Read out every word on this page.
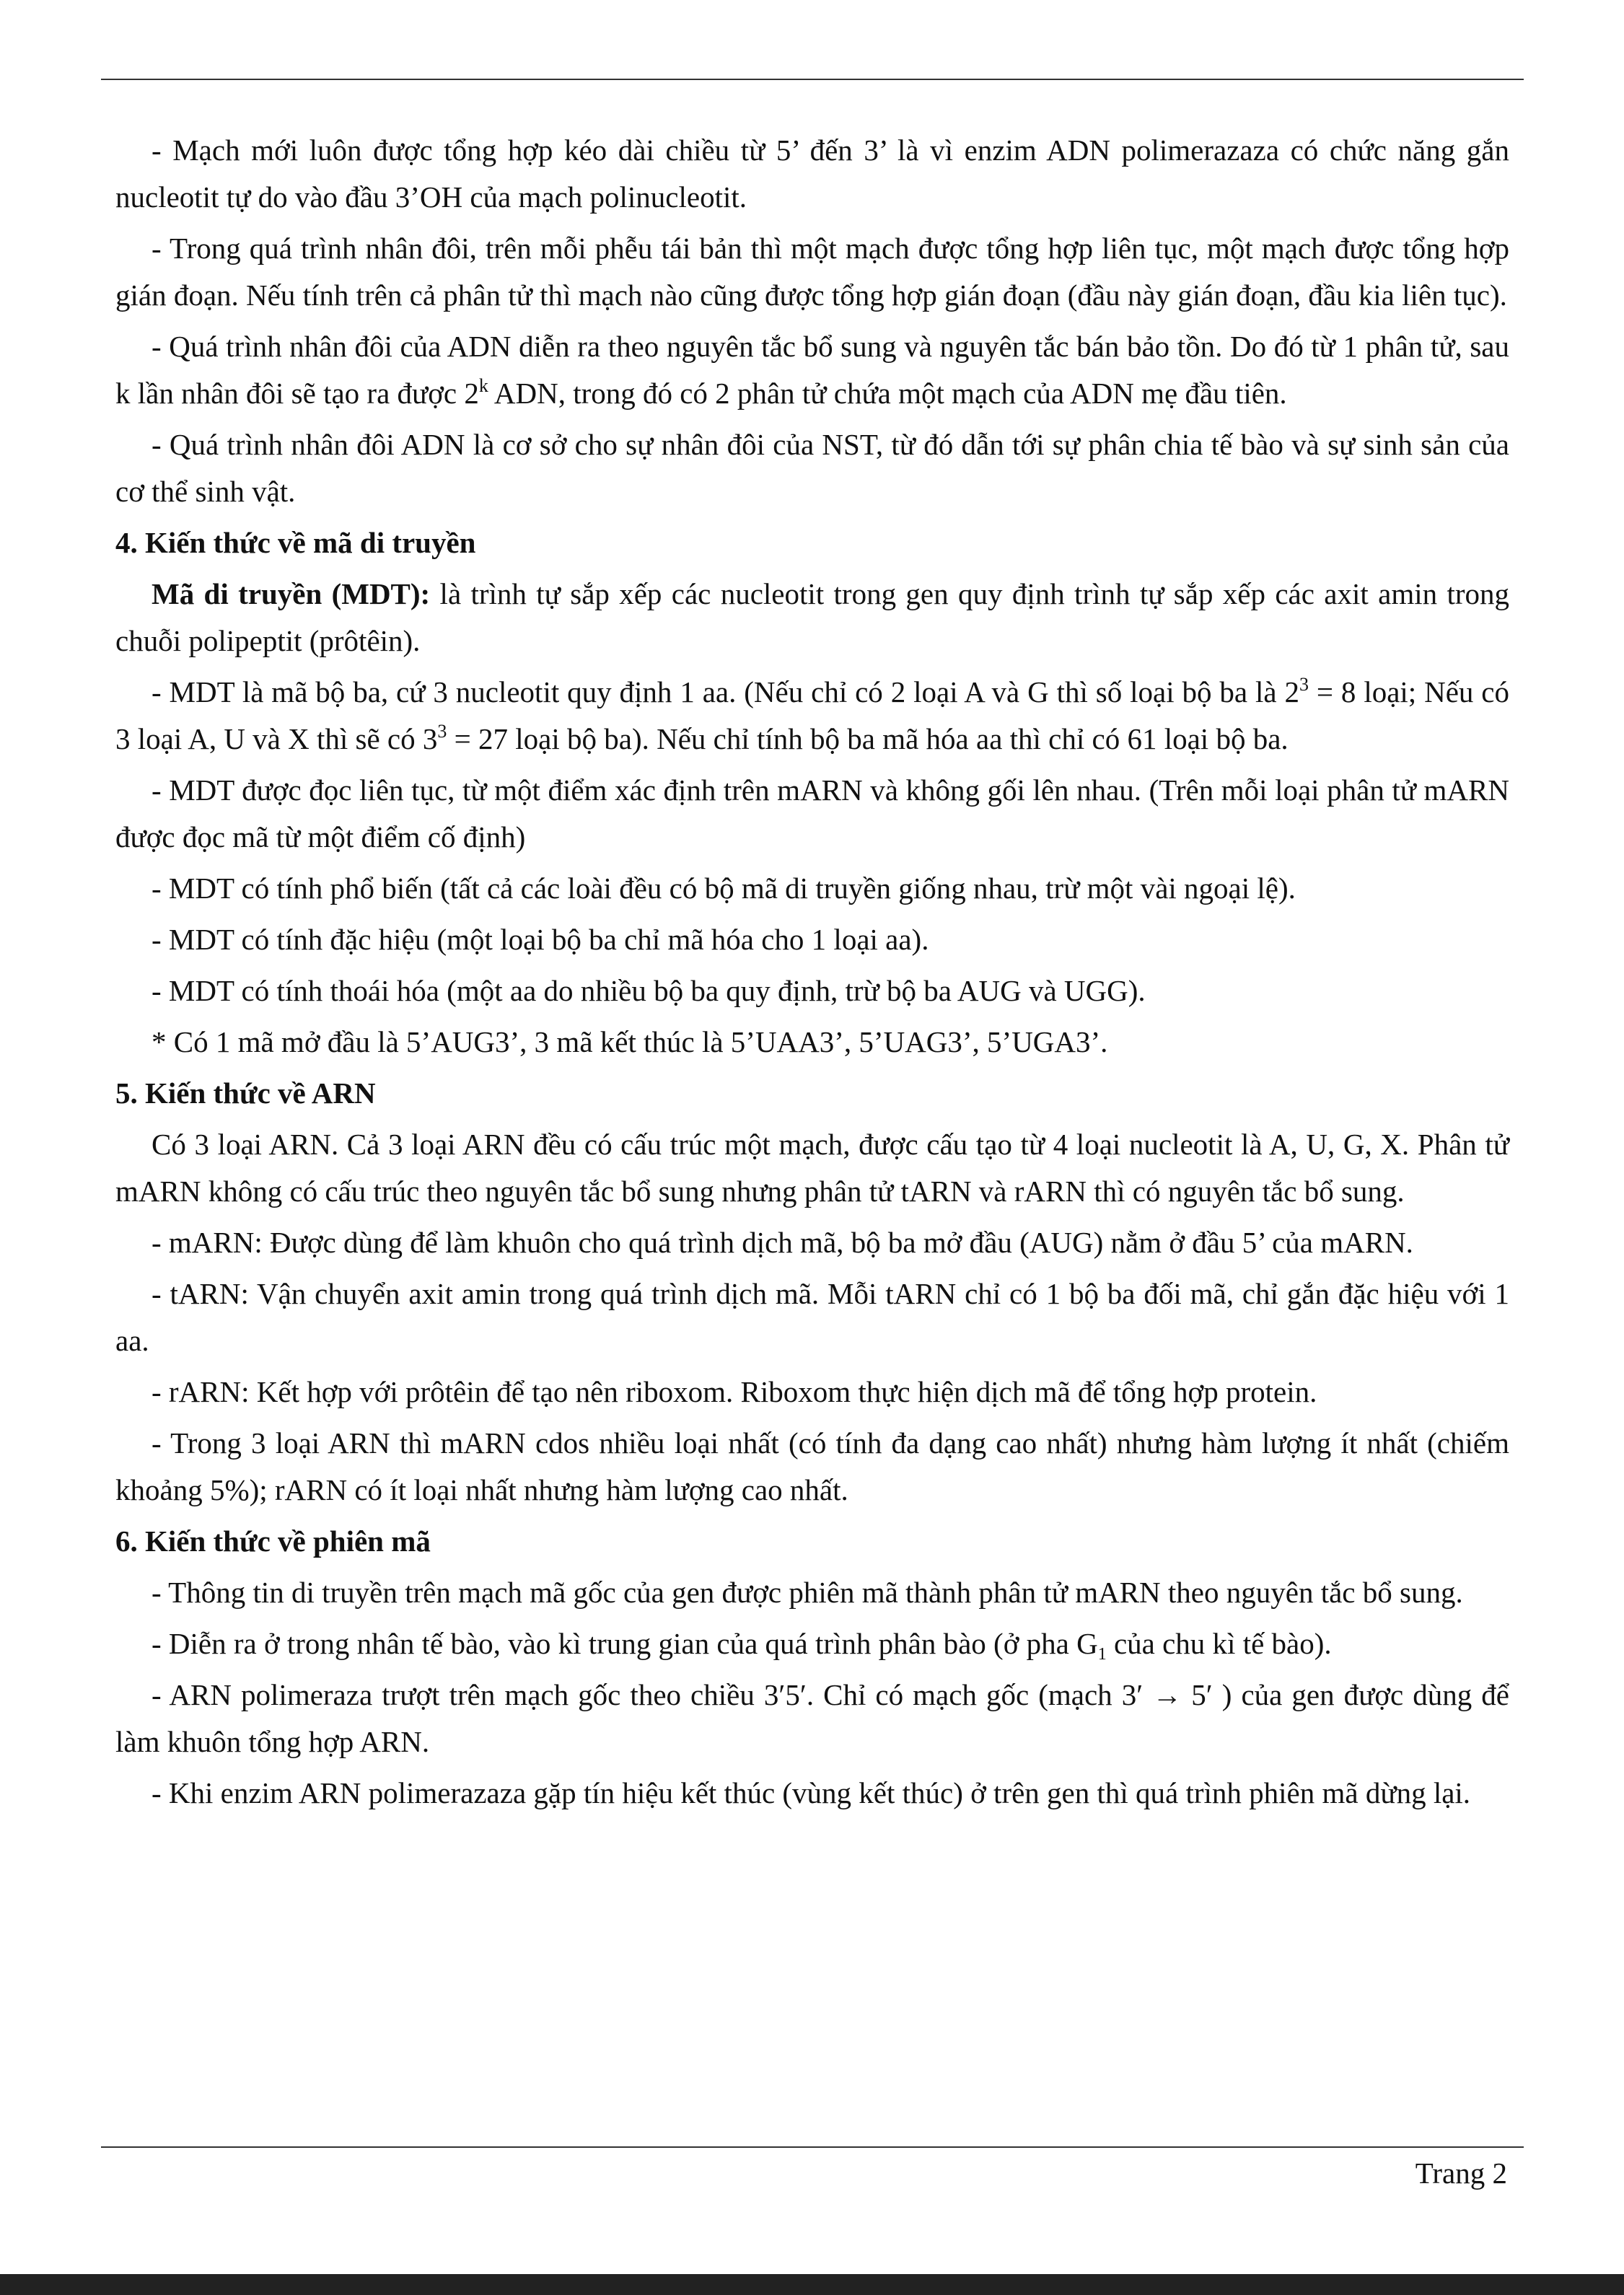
- Mạch mới luôn được tổng hợp kéo dài chiều từ 5’ đến 3’ là vì enzim ADN polimerazaza có chức năng gắn nucleotit tự do vào đầu 3’OH của mạch polinucleotit.

- Trong quá trình nhân đôi, trên mỗi phễu tái bản thì một mạch được tổng hợp liên tục, một mạch được tổng hợp gián đoạn. Nếu tính trên cả phân tử thì mạch nào cũng được tổng hợp gián đoạn (đầu này gián đoạn, đầu kia liên tục).

- Quá trình nhân đôi của ADN diễn ra theo nguyên tắc bổ sung và nguyên tắc bán bảo tồn. Do đó từ 1 phân tử, sau k lần nhân đôi sẽ tạo ra được 2$^k$ ADN, trong đó có 2 phân tử chứa một mạch của ADN mẹ đầu tiên.

- Quá trình nhân đôi ADN là cơ sở cho sự nhân đôi của NST, từ đó dẫn tới sự phân chia tế bào và sự sinh sản của cơ thể sinh vật.

4. Kiến thức về mã di truyền

Mã di truyền (MDT): là trình tự sắp xếp các nucleotit trong gen quy định trình tự sắp xếp các axit amin trong chuỗi polipeptit (prôtêin).

- MDT là mã bộ ba, cứ 3 nucleotit quy định 1 aa. (Nếu chỉ có 2 loại A và G thì số loại bộ ba là $2^3 = 8$ loại; Nếu có 3 loại A, U và X thì sẽ có $3^3 = 27$ loại bộ ba). Nếu chỉ tính bộ ba mã hóa aa thì chỉ có 61 loại bộ ba.

- MDT được đọc liên tục, từ một điểm xác định trên mARN và không gối lên nhau. (Trên mỗi loại phân tử mARN được đọc mã từ một điểm cố định)

- MDT có tính phổ biến (tất cả các loài đều có bộ mã di truyền giống nhau, trừ một vài ngoại lệ).

- MDT có tính đặc hiệu (một loại bộ ba chỉ mã hóa cho 1 loại aa).

- MDT có tính thoái hóa (một aa do nhiều bộ ba quy định, trừ bộ ba AUG và UGG).

* Có 1 mã mở đầu là 5’AUG3’, 3 mã kết thúc là 5’UAA3’, 5’UAG3’, 5’UGA3’.

5. Kiến thức về ARN

Có 3 loại ARN. Cả 3 loại ARN đều có cấu trúc một mạch, được cấu tạo từ 4 loại nucleotit là A, U, G, X. Phân tử mARN không có cấu trúc theo nguyên tắc bổ sung nhưng phân tử tARN và rARN thì có nguyên tắc bổ sung.

- mARN: Được dùng để làm khuôn cho quá trình dịch mã, bộ ba mở đầu (AUG) nằm ở đầu 5’ của mARN.

- tARN: Vận chuyển axit amin trong quá trình dịch mã. Mỗi tARN chỉ có 1 bộ ba đối mã, chỉ gắn đặc hiệu với 1 aa.

- rARN: Kết hợp với prôtêin để tạo nên riboxom. Riboxom thực hiện dịch mã để tổng hợp protein.

- Trong 3 loại ARN thì mARN cdos nhiều loại nhất (có tính đa dạng cao nhất) nhưng hàm lượng ít nhất (chiếm khoảng 5%); rARN có ít loại nhất nhưng hàm lượng cao nhất.

6. Kiến thức về phiên mã

- Thông tin di truyền trên mạch mã gốc của gen được phiên mã thành phân tử mARN theo nguyên tắc bổ sung.

- Diễn ra ở trong nhân tế bào, vào kì trung gian của quá trình phân bào (ở pha $G_1$ của chu kì tế bào).

- ARN polimeraza trượt trên mạch gốc theo chiều 3′5′. Chỉ có mạch gốc (mạch 3′ → 5′ ) của gen được dùng để làm khuôn tổng hợp ARN.

- Khi enzim ARN polimerazaza gặp tín hiệu kết thúc (vùng kết thúc) ở trên gen thì quá trình phiên mã dừng lại.

Trang 2
